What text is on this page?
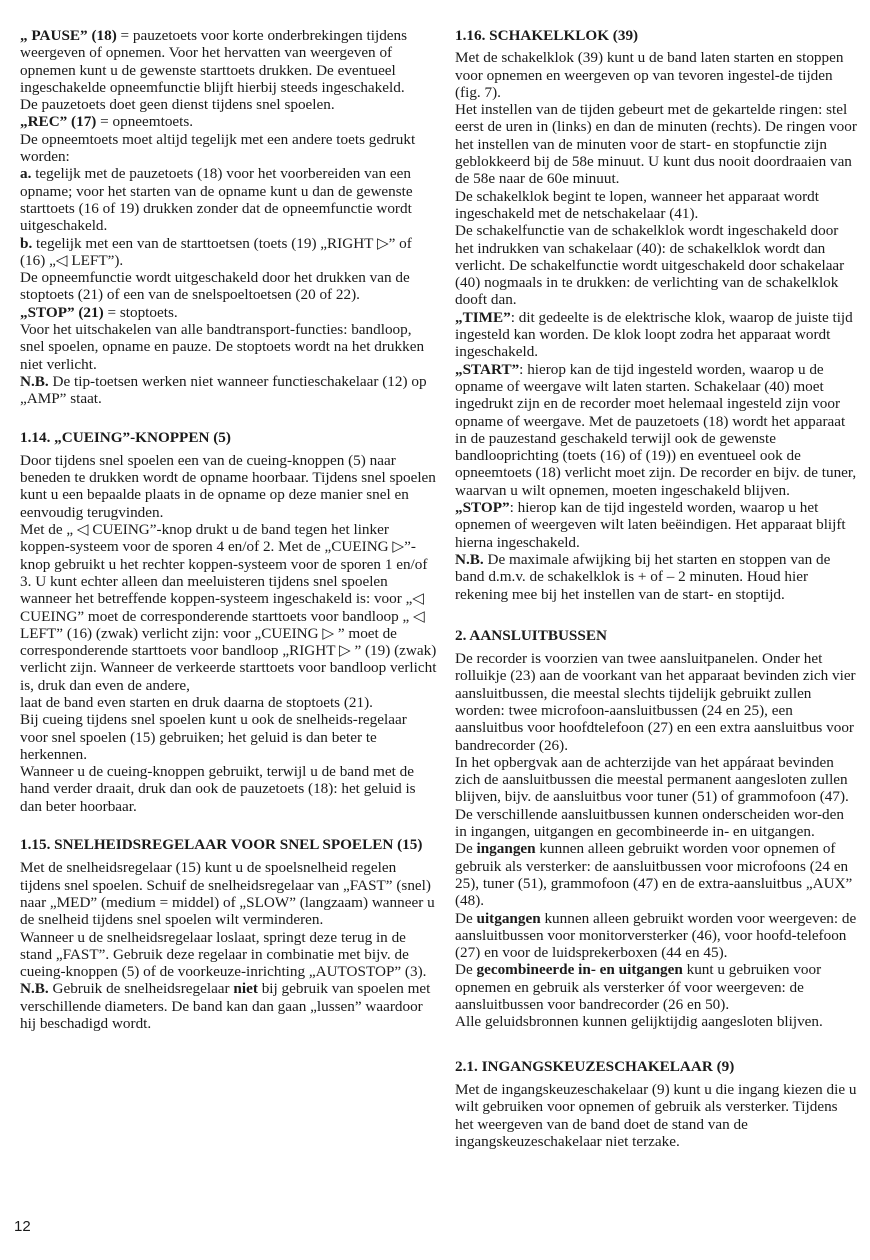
„ PAUSE” (18) = pauzetoets voor korte onderbrekingen tijdens weergeven of opnemen. Voor het hervatten van weergeven of opnemen kunt u de gewenste starttoets drukken. De eventueel ingeschakelde opneemfunctie blijft hierbij steeds ingeschakeld.

De pauzetoets doet geen dienst tijdens snel spoelen.

„REC” (17) = opneemtoets.

De opneemtoets moet altijd tegelijk met een andere toets gedrukt worden:

a. tegelijk met de pauzetoets (18) voor het voorbereiden van een opname; voor het starten van de opname kunt u dan de gewenste starttoets (16 of 19) drukken zonder dat de opneemfunctie wordt uitgeschakeld.

b. tegelijk met een van de starttoetsen (toets (19) „RIGHT ▷” of (16) „◁ LEFT”).

De opneemfunctie wordt uitgeschakeld door het drukken van de stoptoets (21) of een van de snelspoeltoetsen (20 of 22).

„STOP” (21) = stoptoets.

Voor het uitschakelen van alle bandtransport-functies: bandloop, snel spoelen, opname en pauze. De stoptoets wordt na het drukken niet verlicht.

N.B. De tip-toetsen werken niet wanneer functieschakelaar (12) op „AMP” staat.

1.14. „CUEING”-KNOPPEN (5)

Door tijdens snel spoelen een van de cueing-knoppen (5) naar beneden te drukken wordt de opname hoorbaar. Tijdens snel spoelen kunt u een bepaalde plaats in de opname op deze manier snel en eenvoudig terugvinden.

Met de „ ◁ CUEING”-knop drukt u de band tegen het linker koppen-systeem voor de sporen 4 en/of 2. Met de „CUEING ▷”-knop gebruikt u het rechter koppen-systeem voor de sporen 1 en/of 3. U kunt echter alleen dan meeluisteren tijdens snel spoelen wanneer het betreffende koppen-systeem ingeschakeld is: voor „◁ CUEING” moet de corresponderende starttoets voor bandloop „ ◁ LEFT” (16) (zwak) verlicht zijn: voor „CUEING ▷ ” moet de corresponderende starttoets voor bandloop „RIGHT ▷ ” (19) (zwak) verlicht zijn. Wanneer de verkeerde starttoets voor bandloop verlicht is, druk dan even de andere,

laat de band even starten en druk daarna de stoptoets (21).

Bij cueing tijdens snel spoelen kunt u ook de snelheids-regelaar voor snel spoelen (15) gebruiken; het geluid is dan beter te herkennen.

Wanneer u de cueing-knoppen gebruikt, terwijl u de band met de hand verder draait, druk dan ook de pauzetoets (18): het geluid is dan beter hoorbaar.

1.15. SNELHEIDSREGELAAR VOOR SNEL SPOELEN (15)

Met de snelheidsregelaar (15) kunt u de spoelsnelheid regelen tijdens snel spoelen. Schuif de snelheidsregelaar van „FAST” (snel) naar „MED” (medium = middel) of „SLOW” (langzaam) wanneer u de snelheid tijdens snel spoelen wilt verminderen.

Wanneer u de snelheidsregelaar loslaat, springt deze terug in de stand „FAST”. Gebruik deze regelaar in combinatie met bijv. de cueing-knoppen (5) of de voorkeuze-inrichting „AUTOSTOP” (3).

N.B. Gebruik de snelheidsregelaar niet bij gebruik van spoelen met verschillende diameters. De band kan dan gaan „lussen” waardoor hij beschadigd wordt.

1.16. SCHAKELKLOK (39)

Met de schakelklok (39) kunt u de band laten starten en stoppen voor opnemen en weergeven op van tevoren ingestel-de tijden (fig. 7).

Het instellen van de tijden gebeurt met de gekartelde ringen: stel eerst de uren in (links) en dan de minuten (rechts). De ringen voor het instellen van de minuten voor de start- en stopfunctie zijn geblokkeerd bij de 58e minuut. U kunt dus nooit doordraaien van de 58e naar de 60e minuut.

De schakelklok begint te lopen, wanneer het apparaat wordt ingeschakeld met de netschakelaar (41).

De schakelfunctie van de schakelklok wordt ingeschakeld door het indrukken van schakelaar (40): de schakelklok wordt dan verlicht. De schakelfunctie wordt uitgeschakeld door schakelaar (40) nogmaals in te drukken: de verlichting van de schakelklok dooft dan.

„TIME”: dit gedeelte is de elektrische klok, waarop de juiste tijd ingesteld kan worden. De klok loopt zodra het apparaat wordt ingeschakeld.

„START”: hierop kan de tijd ingesteld worden, waarop u de opname of weergave wilt laten starten. Schakelaar (40) moet ingedrukt zijn en de recorder moet helemaal ingesteld zijn voor opname of weergave. Met de pauzetoets (18) wordt het apparaat in de pauzestand geschakeld terwijl ook de gewenste bandlooprichting (toets (16) of (19)) en eventueel ook de opneemtoets (18) verlicht moet zijn. De recorder en bijv. de tuner, waarvan u wilt opnemen, moeten ingeschakeld blijven.

„STOP”: hierop kan de tijd ingesteld worden, waarop u het opnemen of weergeven wilt laten beëindigen. Het apparaat blijft hierna ingeschakeld.

N.B. De maximale afwijking bij het starten en stoppen van de band d.m.v. de schakelklok is + of – 2 minuten. Houd hier rekening mee bij het instellen van de start- en stoptijd.

2. AANSLUITBUSSEN

De recorder is voorzien van twee aansluitpanelen. Onder het rolluikje (23) aan de voorkant van het apparaat bevinden zich vier aansluitbussen, die meestal slechts tijdelijk gebruikt zullen worden: twee microfoon-aansluitbussen (24 en 25), een aansluitbus voor hoofdtelefoon (27) en een extra aansluitbus voor bandrecorder (26).

In het opbergvak aan de achterzijde van het appáraat bevinden zich de aansluitbussen die meestal permanent aangesloten zullen blijven, bijv. de aansluitbus voor tuner (51) of grammofoon (47).

De verschillende aansluitbussen kunnen onderscheiden wor-den in ingangen, uitgangen en gecombineerde in- en uitgangen.

De ingangen kunnen alleen gebruikt worden voor opnemen of gebruik als versterker: de aansluitbussen voor microfoons (24 en 25), tuner (51), grammofoon (47) en de extra-aansluitbus „AUX” (48).

De uitgangen kunnen alleen gebruikt worden voor weergeven: de aansluitbussen voor monitorversterker (46), voor hoofd-telefoon (27) en voor de luidsprekerboxen (44 en 45).

De gecombineerde in- en uitgangen kunt u gebruiken voor opnemen en gebruik als versterker óf voor weergeven: de aansluitbussen voor bandrecorder (26 en 50).

Alle geluidsbronnen kunnen gelijktijdig aangesloten blijven.

2.1. INGANGSKEUZESCHAKELAAR (9)

Met de ingangskeuzeschakelaar (9) kunt u die ingang kiezen die u wilt gebruiken voor opnemen of gebruik als versterker. Tijdens het weergeven van de band doet de stand van de ingangskeuzeschakelaar niet terzake.

12
